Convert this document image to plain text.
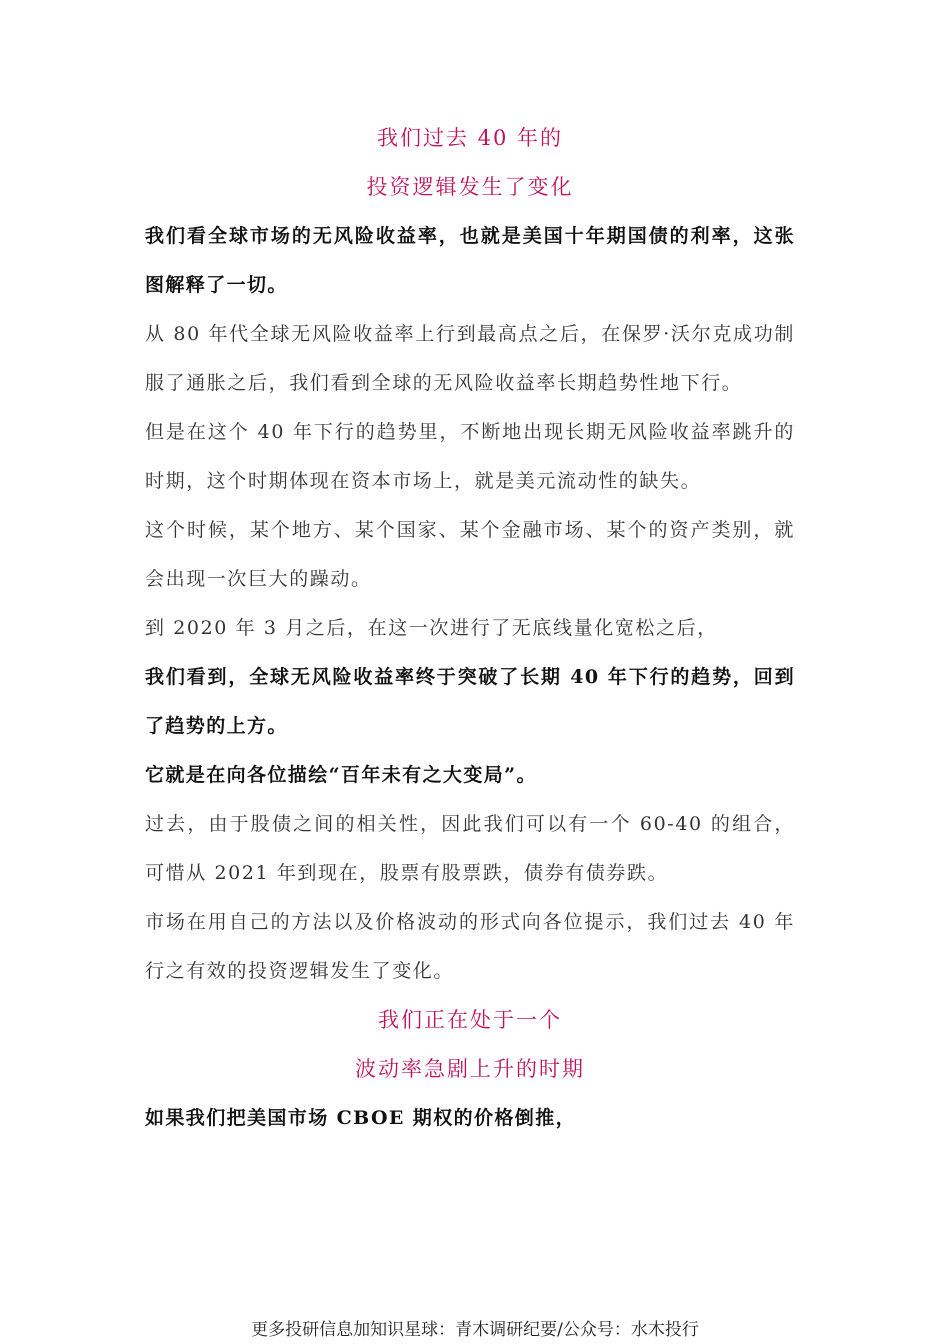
我们过去 40 年的
投资逻辑发生了变化

我们看全球市场的无风险收益率，也就是美国十年期国债的利率，这张图解释了一切。

从 80 年代全球无风险收益率上行到最高点之后，在保罗·沃尔克成功制服了通胀之后，我们看到全球的无风险收益率长期趋势性地下行。

但是在这个 40 年下行的趋势里，不断地出现长期无风险收益率跳升的时期，这个时期体现在资本市场上，就是美元流动性的缺失。

这个时候，某个地方、某个国家、某个金融市场、某个的资产类别，就会出现一次巨大的躁动。

到 2020 年 3 月之后，在这一次进行了无底线量化宽松之后，

我们看到，全球无风险收益率终于突破了长期 40 年下行的趋势，回到了趋势的上方。

它就是在向各位描绘“百年未有之大变局”。

过去，由于股债之间的相关性，因此我们可以有一个 60-40 的组合，可惜从 2021 年到现在，股票有股票跌，债券有债券跌。

市场在用自己的方法以及价格波动的形式向各位提示，我们过去 40 年行之有效的投资逻辑发生了变化。

我们正在处于一个
波动率急剧上升的时期

如果我们把美国市场 CBOE 期权的价格倒推，

更多投研信息加知识星球：青木调研纪要/公众号：水木投行
